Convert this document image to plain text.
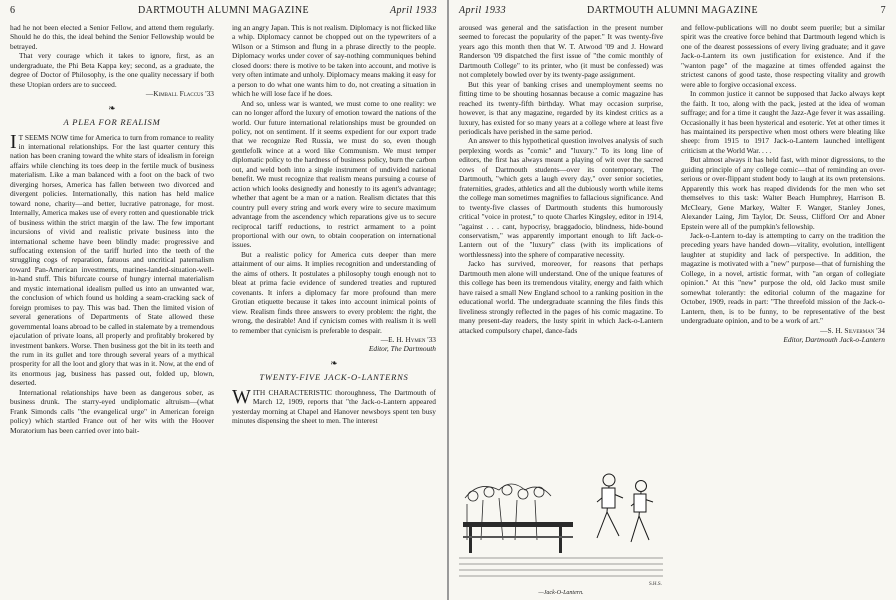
6	DARTMOUTH ALUMNI MAGAZINE	April 1933

had he not been elected a Senior Fellow, and attend them regularly. Should he do this, the ideal behind the Senior Fellowship would be betrayed.

That very courage which it takes to ignore, first, as an undergraduate, the Phi Beta Kappa key; second, as a graduate, the degree of Doctor of Philosophy, is the one quality necessary if both these Utopian orders are to succeed.

—Kimball Flaccus '33

❧
A PLEA FOR REALISM

I T SEEMS NOW time for America to turn from romance to reality in international relationships. For the last quarter century this nation has been craning toward the white stars of idealism in foreign affairs while clenching its toes deep in the fertile muck of business materialism. Like a man balanced with a foot on the back of two diverging horses, America has fallen between two divorced and divergent policies. Internationally, this nation has held malice toward none, charity—and better, lucrative patronage, for most. Internally, America makes use of every rotten and questionable trick of business within the strict margin of the law. The few important incursions of vivid and realistic private business into the international scheme have been blindly made: progressive and suffocating extension of the tariff hurled into the teeth of the struggling cogs of reparation, fatuous and uncritical paternalism toward Pan-American investments, marines-landed-situation-well-in-hand stuff. This bifurcate course of hungry internal materialism and mystic international idealism pulled us into an unwanted war, the conclusion of which found us holding a seam-cracking sack of foreign promises to pay. This was bad. Then the limited vision of several generations of Departments of State allowed these governmental loans abroad to be called in stalemate by a tremendous ejaculation of private loans, all properly and profitably brokered by investment bankers. Worse. Then business got the bit in its teeth and the rum in its gullet and tore through several years of a mythical prosperity for all the loot and glory that was in it. Now, at the end of its enormous jag, business has passed out, folded up, blown, deserted.

International relationships have been as dangerous sober, as business drunk. The starry-eyed undiplomatic altruism—(what Frank Simonds calls "the evangelical urge" in American foreign policy) which startled France out of her wits with the Hoover Moratorium has been carried over into bait-

ing an angry Japan. This is not realism. Diplomacy is not flicked like a whip. Diplomacy cannot be chopped out on the typewriters of a Wilson or a Stimson and flung in a phrase directly to the people. Diplomacy works under cover of say-nothing communiques behind closed doors: there is motive to be taken into account, and motive is very often intimate and unholy. Diplomacy means making it easy for a person to do what one wants him to do, not creating a situation in which he will lose face if he does.

And so, unless war is wanted, we must come to one reality: we can no longer afford the luxury of emotion toward the nations of the world. Our future international relationships must be grounded on policy, not on sentiment. If it seems expedient for our export trade that we recognize Red Russia, we must do so, even though gentlefolk wince at a word like Communism. We must temper diplomatic policy to the hardness of business policy, burn the carbon out, and weld both into a single instrument of undivided national benefit. We must recognize that realism means pursuing a course of action which looks designedly and honestly to its agent's advantage; whether that agent be a man or a nation. Realism dictates that this country pull every string and work every wire to secure maximum advantage from the ascendency which reparations give us to secure reciprocal tariff reductions, to restrict armament to a point proportional with our own, to obtain cooperation on international issues.

But a realistic policy for America cuts deeper than mere attainment of our aims. It implies recognition and understanding of the aims of others. It postulates a philosophy tough enough not to bleat at prima facie evidence of sundered treaties and ruptured covenants. It infers a diplomacy far more profound than mere Grotian etiquette because it takes into account inimical points of view. Realism finds three answers to every problem: the right, the wrong, the desirable! And if cynicism comes with realism it is well to remember that cynicism is preferable to despair.

—E. H. Hymen '33

Editor, The Dartmouth

❧
TWENTY-FIVE JACK-O-LANTERNS

WITH CHARACTERISTIC thoroughness, The Dartmouth of March 12, 1909, reports that "the Jack-o-Lantern appeared yesterday morning at Chapel and Hanover newsboys spent ten busy minutes dispensing the sheet to men. The interest

April 1933	DARTMOUTH ALUMNI MAGAZINE	7

aroused was general and the satisfaction in the present number seemed to forecast the popularity of the paper." It was twenty-five years ago this month then that W. T. Atwood '09 and J. Howard Randerson '09 dispatched the first issue of "the comic monthly of Dartmouth College" to its printer, who (it must be confessed) was not completely bowled over by its twenty-page assignment.

But this year of banking crises and unemployment seems no fitting time to be shouting hosannas because a comic magazine has reached its twenty-fifth birthday. What may occasion surprise, however, is that any magazine, regarded by its kindest critics as a luxury, has existed for so many years at a college where at least five periodicals have perished in the same period.

An answer to this hypothetical question involves analysis of such perplexing words as "comic" and "luxury." To its long line of editors, the first has always meant a playing of wit over the sacred cows of Dartmouth students—over its contemporary, The Dartmouth, "which gets a laugh every day," over senior societies, fraternities, grades, athletics and all the dubiously worth while items the college man sometimes magnifies to fallacious significance. And to twenty-five classes of Dartmouth students this humorously critical "voice in protest," to quote Charles Kingsley, editor in 1914, "against . . . cant, hypocrisy, braggadocio, blindness, hide-bound conservatism," was apparently important enough to lift Jack-o-Lantern out of the "luxury" class (with its implications of worthlessness) into the sphere of comparative necessity.

Jacko has survived, moreover, for reasons that perhaps Dartmouth men alone will understand. One of the unique features of this college has been its tremendous vitality, energy and faith which have raised a small New England school to a ranking position in the educational world. The undergraduate scanning the files finds this liveliness strongly reflected in the pages of his comic magazine. To many present-day readers, the lusty spirit in which Jack-o-Lantern attacked compulsory chapel, dance-fads

S.H.S.
—Jack-O-Lantern.

and fellow-publications will no doubt seem puerile; but a similar spirit was the creative force behind that Dartmouth legend which is one of the dearest possessions of every living graduate; and it gave Jack-o-Lantern its own justification for existence. And if the "wanton page" of the magazine at times offended against the strictest canons of good taste, those respecting vitality and growth were able to forgive occasional excess.

In common justice it cannot be supposed that Jacko always kept the faith. It too, along with the pack, jested at the idea of woman suffrage; and for a time it caught the Jazz-Age fever it was assailing. Occasionally it has been hysterical and esoteric. Yet at other times it has maintained its perspective when most others were bleating like sheep: from 1915 to 1917 Jack-o-Lantern launched intelligent criticism at the World War. . . .

But almost always it has held fast, with minor digressions, to the guiding principle of any college comic—that of reminding an over-serious or over-flippant student body to laugh at its own pretensions. Apparently this work has reaped dividends for the men who set themselves to this task: Walter Beach Humphrey, Harrison B. McCleary, Gene Markey, Walter F. Wanger, Stanley Jones, Alexander Laing, Jim Taylor, Dr. Seuss, Clifford Orr and Abner Epstein were all of the pumpkin's fellowship.

Jack-o-Lantern to-day is attempting to carry on the tradition the preceding years have handed down—vitality, evolution, intelligent laughter at stupidity and lack of perspective. In addition, the magazine is motivated with a "new" purpose—that of furnishing the College, in a novel, artistic format, with "an organ of collegiate opinion." At this "new" purpose the old, old Jacko must smile somewhat tolerantly: the editorial column of the magazine for October, 1909, reads in part: "The threefold mission of the Jack-o-Lantern, then, is to be funny, to be representative of the best undergraduate opinion, and to be a work of art."

—S. H. Silverman '34

Editor, Dartmouth Jack-o-Lantern
